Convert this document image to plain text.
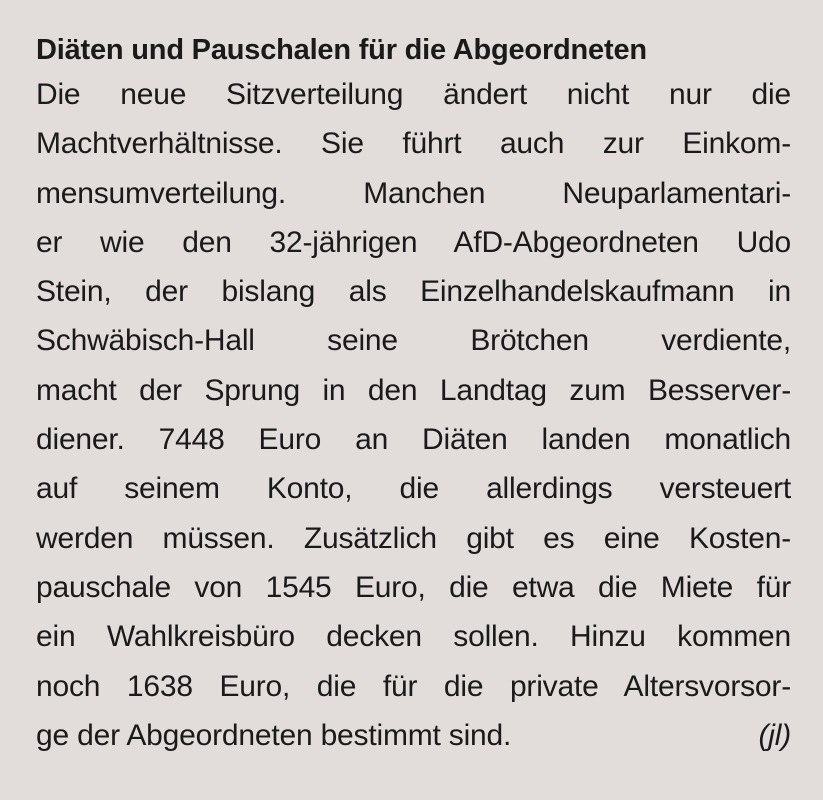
Diäten und Pauschalen für die Abgeordneten
Die neue Sitzverteilung ändert nicht nur die
Machtverhältnisse. Sie führt auch zur Einkom-
mensumverteilung. Manchen Neuparlamentari-
er wie den 32-jährigen AfD-Abgeordneten Udo
Stein, der bislang als Einzelhandelskaufmann in
Schwäbisch-Hall seine Brötchen verdiente,
macht der Sprung in den Landtag zum Besserver-
diener. 7448 Euro an Diäten landen monatlich
auf seinem Konto, die allerdings versteuert
werden müssen. Zusätzlich gibt es eine Kosten-
pauschale von 1545 Euro, die etwa die Miete für
ein Wahlkreisbüro decken sollen. Hinzu kommen
noch 1638 Euro, die für die private Altersvorsor-
ge der Abgeordneten bestimmt sind.	(jl)
